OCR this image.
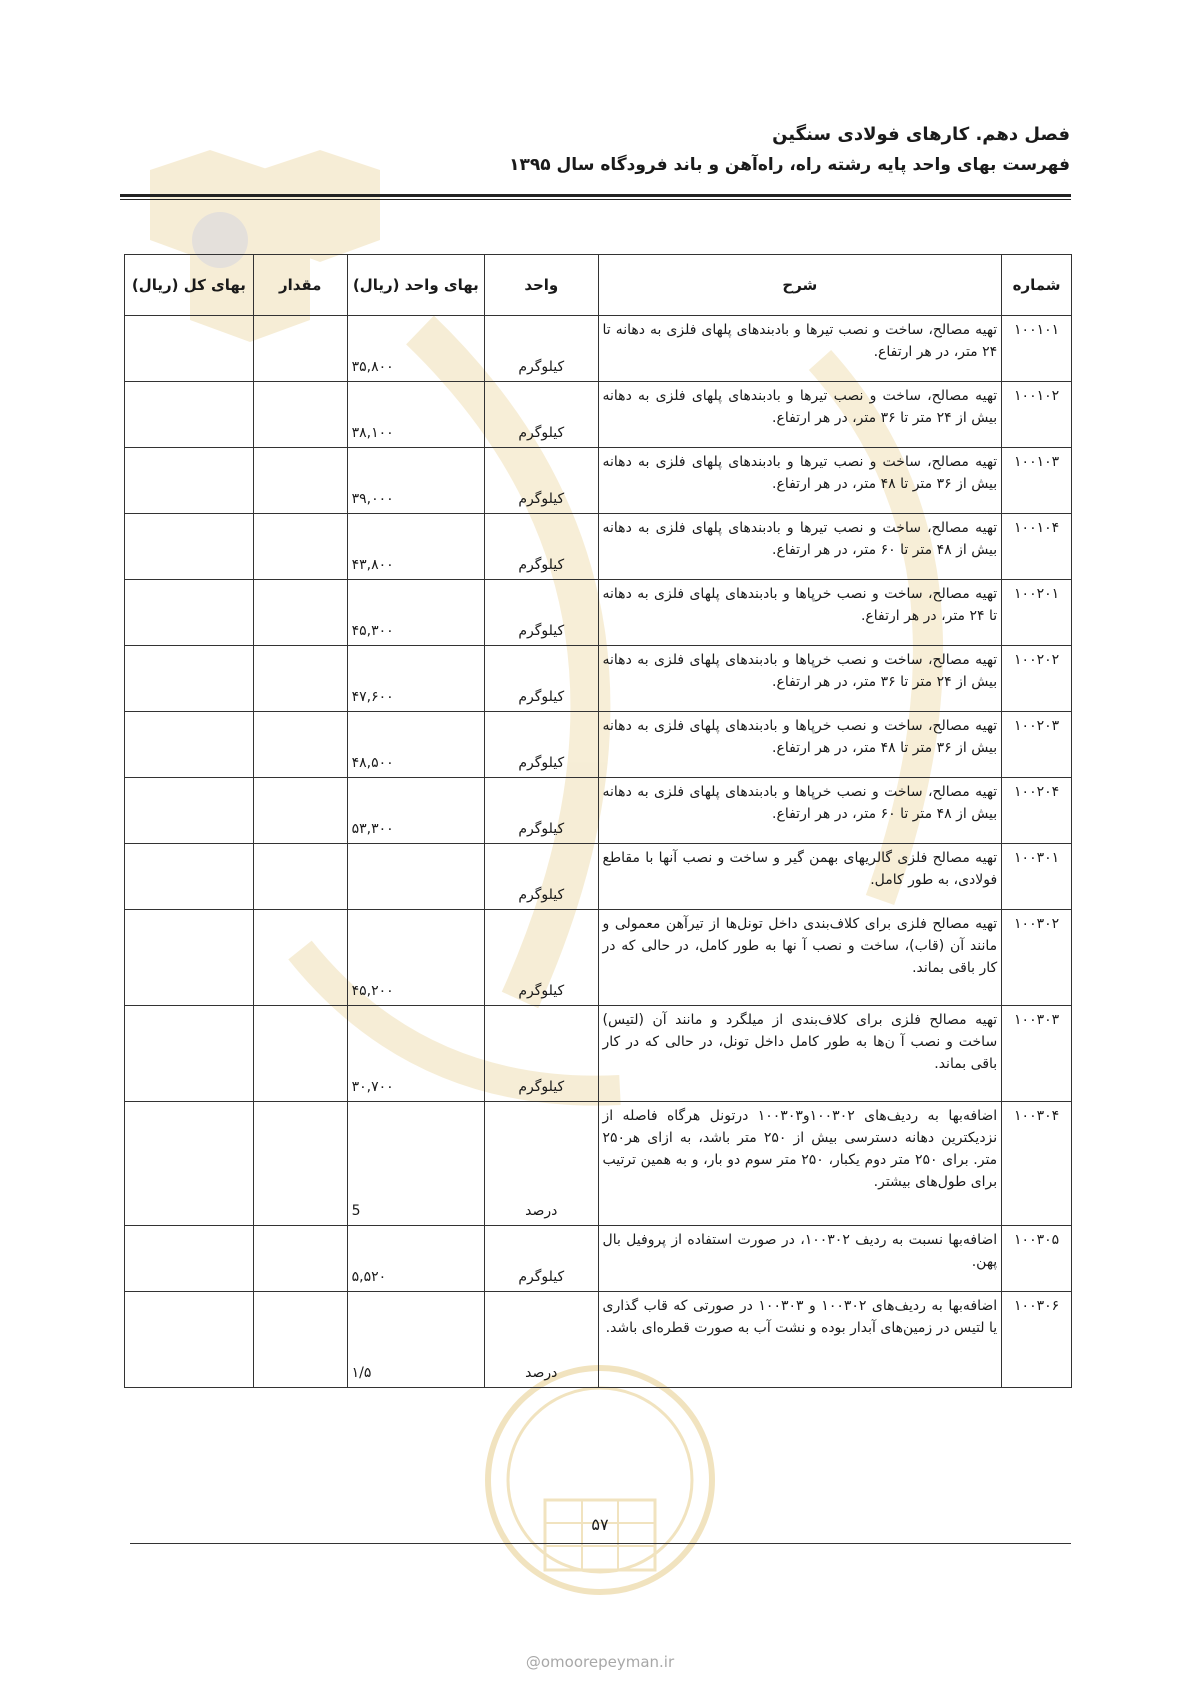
فصل دهم. کارهای فولادی سنگین
فهرست بهای واحد پایه رشته راه، راه‌آهن و باند فرودگاه سال ۱۳۹۵
شماره	شرح	واحد	بهای واحد (ریال)	مقدار	بهای کل (ریال)
۱۰۰۱۰۱	تهیه مصالح، ساخت و نصب تیرها و بادبندهای پلهای فلزی به دهانه تا ۲۴ متر، در هر ارتفاع.	کیلوگرم	۳۵,۸۰۰		
۱۰۰۱۰۲	تهیه مصالح، ساخت و نصب تیرها و بادبندهای پلهای فلزی به دهانه بیش از ۲۴ متر تا ۳۶ متر، در هر ارتفاع.	کیلوگرم	۳۸,۱۰۰		
۱۰۰۱۰۳	تهیه مصالح، ساخت و نصب تیرها و بادبندهای پلهای فلزی به دهانه بیش از ۳۶ متر تا ۴۸ متر، در هر ارتفاع.	کیلوگرم	۳۹,۰۰۰		
۱۰۰۱۰۴	تهیه مصالح، ساخت و نصب تیرها و بادبندهای پلهای فلزی به دهانه بیش از ۴۸ متر تا ۶۰ متر، در هر ارتفاع.	کیلوگرم	۴۳,۸۰۰		
۱۰۰۲۰۱	تهیه مصالح، ساخت و نصب خرپاها و بادبندهای پلهای فلزی به دهانه تا ۲۴ متر، در هر ارتفاع.	کیلوگرم	۴۵,۳۰۰		
۱۰۰۲۰۲	تهیه مصالح، ساخت و نصب خرپاها و بادبندهای پلهای فلزی به دهانه بیش از ۲۴ متر تا ۳۶ متر، در هر ارتفاع.	کیلوگرم	۴۷,۶۰۰		
۱۰۰۲۰۳	تهیه مصالح، ساخت و نصب خرپاها و بادبندهای پلهای فلزی به دهانه بیش از ۳۶ متر تا ۴۸ متر، در هر ارتفاع.	کیلوگرم	۴۸,۵۰۰		
۱۰۰۲۰۴	تهیه مصالح، ساخت و نصب خرپاها و بادبندهای پلهای فلزی به دهانه بیش از ۴۸ متر تا ۶۰ متر، در هر ارتفاع.	کیلوگرم	۵۳,۳۰۰		
۱۰۰۳۰۱	تهیه مصالح فلزی گالریهای بهمن گیر و ساخت و نصب آنها با مقاطع فولادی، به طور کامل.	کیلوگرم			
۱۰۰۳۰۲	تهیه مصالح فلزی برای کلاف‌بندی داخل تونل‌ها از تیرآهن معمولی و مانند آن (قاب)، ساخت و نصب آ نها به طور کامل، در حالی که در کار باقی بماند.	کیلوگرم	۴۵,۲۰۰		
۱۰۰۳۰۳	تهیه مصالح فلزی برای کلاف‌بندی از میلگرد و مانند آن (لتیس) ساخت و نصب آ ن‌ها به طور کامل داخل تونل، در حالی که در کار باقی بماند.	کیلوگرم	۳۰,۷۰۰		
۱۰۰۳۰۴	اضافه‌بها به ردیف‌های ۱۰۰۳۰۲و۱۰۰۳۰۳ درتونل هرگاه فاصله از نزدیکترین دهانه دسترسی بیش از ۲۵۰ متر باشد، به ازای هر۲۵۰ متر. برای ۲۵۰ متر دوم یکبار، ۲۵۰ متر سوم دو بار، و به همین ترتیب برای طول‌های بیشتر.	درصد	5		
۱۰۰۳۰۵	اضافه‌بها نسبت به ردیف ۱۰۰۳۰۲، در صورت استفاده از پروفیل بال پهن.	کیلوگرم	۵,۵۲۰		
۱۰۰۳۰۶	اضافه‌بها به ردیف‌های ۱۰۰۳۰۲ و ۱۰۰۳۰۳ در صورتی که قاب گذاری یا لتیس در زمین‌های آبدار بوده و نشت آب به صورت قطره‌ای باشد.	درصد	۱/۵		
۵۷
@omoorepeyman.ir
